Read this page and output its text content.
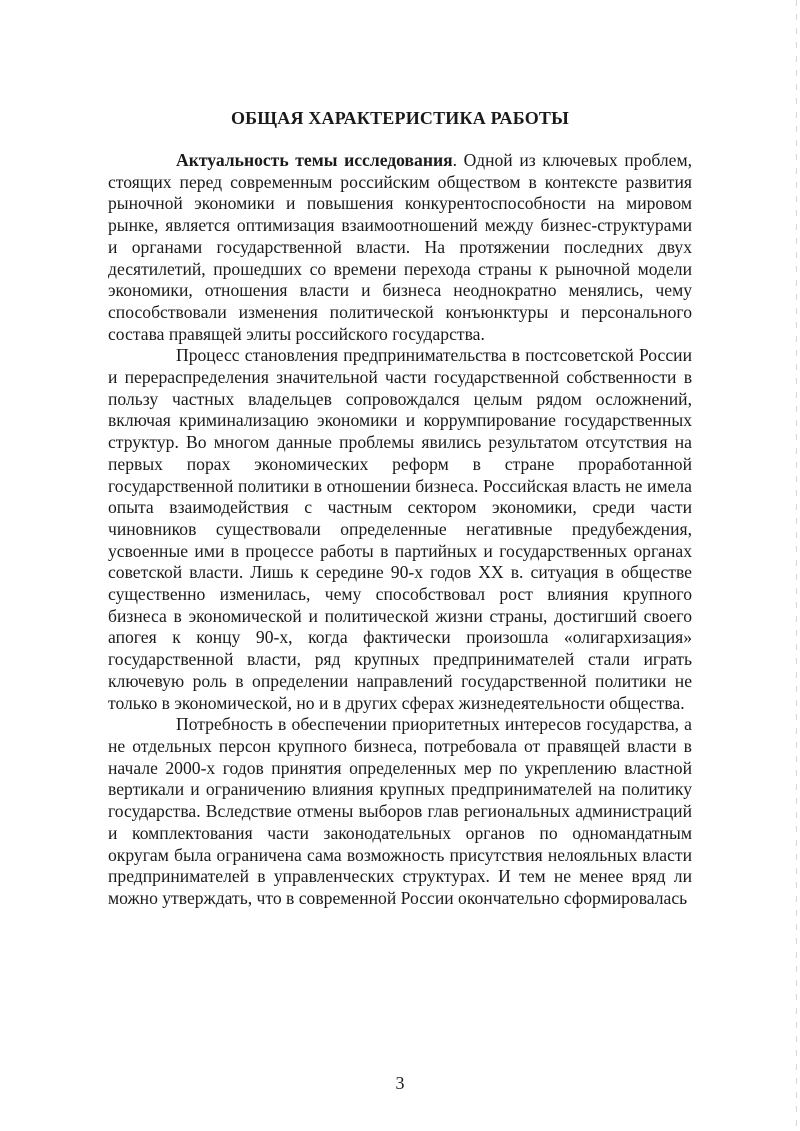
ОБЩАЯ ХАРАКТЕРИСТИКА РАБОТЫ

Актуальность темы исследования. Одной из ключевых проблем, стоящих перед современным российским обществом в контексте развития рыночной экономики и повышения конкурентоспособности на мировом рынке, является оптимизация взаимоотношений между бизнес-структурами и органами государственной власти. На протяжении последних двух десятилетий, прошедших со времени перехода страны к рыночной модели экономики, отношения власти и бизнеса неоднократно менялись, чему способствовали изменения политической конъюнктуры и персонального состава правящей элиты российского государства.

Процесс становления предпринимательства в постсоветской России и перераспределения значительной части государственной собственности в пользу частных владельцев сопровождался целым рядом осложнений, включая криминализацию экономики и коррумпирование государственных структур. Во многом данные проблемы явились результатом отсутствия на первых порах экономических реформ в стране проработанной государственной политики в отношении бизнеса. Российская власть не имела опыта взаимодействия с частным сектором экономики, среди части чиновников существовали определенные негативные предубеждения, усвоенные ими в процессе работы в партийных и государственных органах советской власти. Лишь к середине 90-х годов XX в. ситуация в обществе существенно изменилась, чему способствовал рост влияния крупного бизнеса в экономической и политической жизни страны, достигший своего апогея к концу 90-х, когда фактически произошла «олигархизация» государственной власти, ряд крупных предпринимателей стали играть ключевую роль в определении направлений государственной политики не только в экономической, но и в других сферах жизнедеятельности общества.

Потребность в обеспечении приоритетных интересов государства, а не отдельных персон крупного бизнеса, потребовала от правящей власти в начале 2000-х годов принятия определенных мер по укреплению властной вертикали и ограничению влияния крупных предпринимателей на политику государства. Вследствие отмены выборов глав региональных администраций и комплектования части законодательных органов по одномандатным округам была ограничена сама возможность присутствия нелояльных власти предпринимателей в управленческих структурах. И тем не менее вряд ли можно утверждать, что в современной России окончательно сформировалась

3
